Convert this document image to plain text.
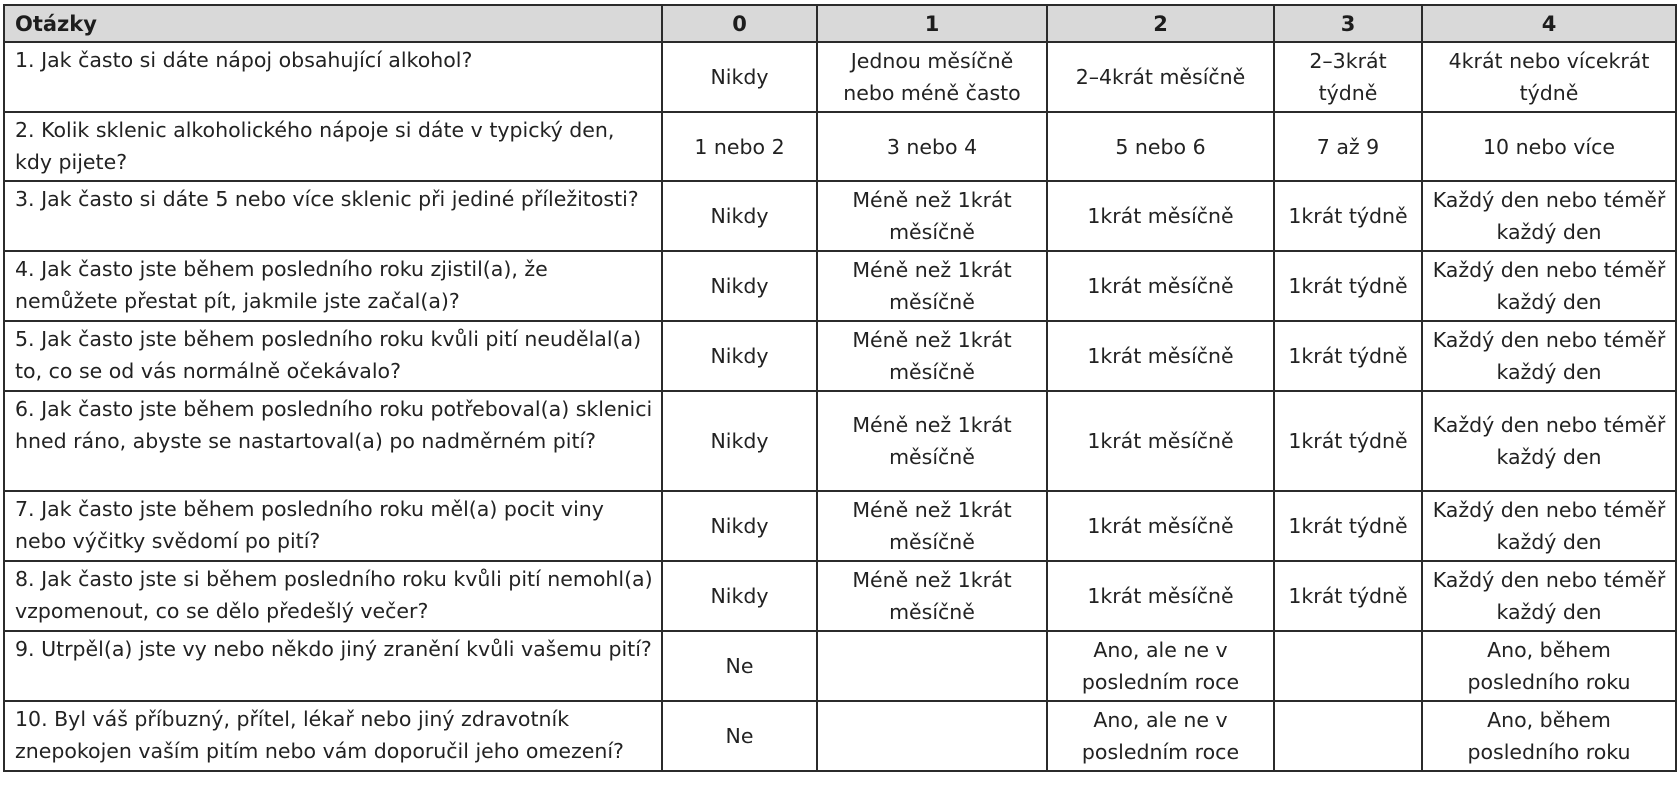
Otázky	0	1	2	3	4
1. Jak často si dáte nápoj obsahující alkohol?	Nikdy	Jednou měsíčně nebo méně často	2–4krát měsíčně	2–3krát týdně	4krát nebo vícekrát týdně
2. Kolik sklenic alkoholického nápoje si dáte v typický den, kdy pijete?	1 nebo 2	3 nebo 4	5 nebo 6	7 až 9	10 nebo více
3. Jak často si dáte 5 nebo více sklenic při jediné příležitosti?	Nikdy	Méně než 1krát měsíčně	1krát měsíčně	1krát týdně	Každý den nebo téměř každý den
4. Jak často jste během posledního roku zjistil(a), že nemůžete přestat pít, jakmile jste začal(a)?	Nikdy	Méně než 1krát měsíčně	1krát měsíčně	1krát týdně	Každý den nebo téměř každý den
5. Jak často jste během posledního roku kvůli pití neudělal(a) to, co se od vás normálně očekávalo?	Nikdy	Méně než 1krát měsíčně	1krát měsíčně	1krát týdně	Každý den nebo téměř každý den
6. Jak často jste během posledního roku potřeboval(a) sklenici hned ráno, abyste se nastartoval(a) po nadměrném pití?	Nikdy	Méně než 1krát měsíčně	1krát měsíčně	1krát týdně	Každý den nebo téměř každý den
7. Jak často jste během posledního roku měl(a) pocit viny nebo výčitky svědomí po pití?	Nikdy	Méně než 1krát měsíčně	1krát měsíčně	1krát týdně	Každý den nebo téměř každý den
8. Jak často jste si během posledního roku kvůli pití nemohl(a) vzpomenout, co se dělo předešlý večer?	Nikdy	Méně než 1krát měsíčně	1krát měsíčně	1krát týdně	Každý den nebo téměř každý den
9. Utrpěl(a) jste vy nebo někdo jiný zranění kvůli vašemu pití?	Ne		Ano, ale ne v posledním roce		Ano, během posledního roku
10. Byl váš příbuzný, přítel, lékař nebo jiný zdravotník znepokojen vaším pitím nebo vám doporučil jeho omezení?	Ne		Ano, ale ne v posledním roce		Ano, během posledního roku
